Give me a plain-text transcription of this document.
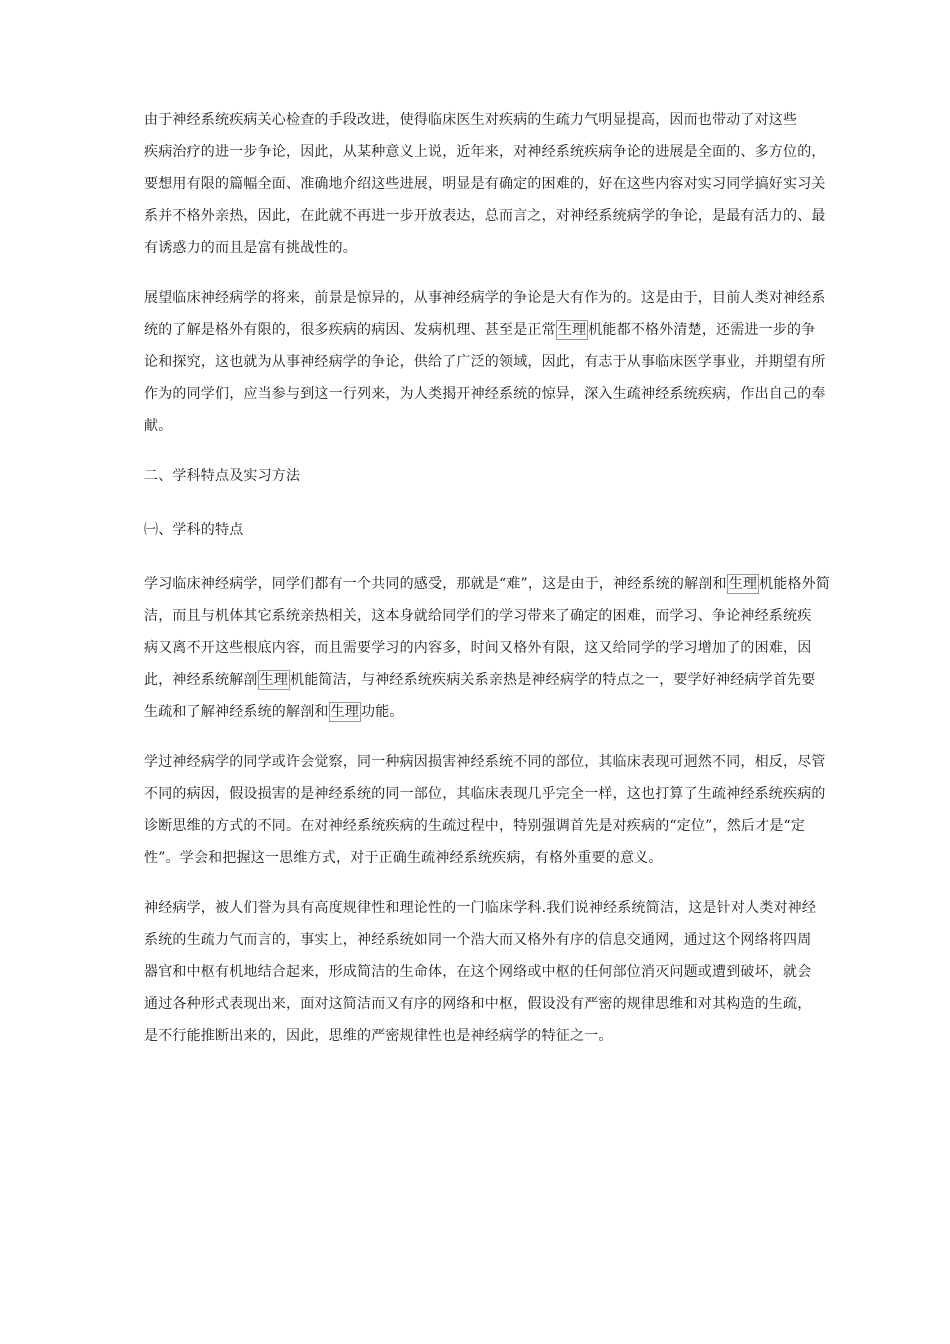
由于神经系统疾病关心检查的手段改进，使得临床医生对疾病的生疏力气明显提高，因而也带动了对这些
疾病治疗的进一步争论，因此，从某种意义上说，近年来，对神经系统疾病争论的进展是全面的、多方位的，
要想用有限的篇幅全面、准确地介绍这些进展，明显是有确定的困难的，好在这些内容对实习同学搞好实习关
系并不格外亲热，因此，在此就不再进一步开放表达，总而言之，对神经系统病学的争论，是最有活力的、最
有诱惑力的而且是富有挑战性的。
展望临床神经病学的将来，前景是惊异的，从事神经病学的争论是大有作为的。这是由于，目前人类对神经系
统的了解是格外有限的，很多疾病的病因、发病机理、甚至是正常 生理 机能都不格外清楚，还需进一步的争
论和探究，这也就为从事神经病学的争论，供给了广泛的领域，因此，有志于从事临床医学事业，并期望有所
作为的同学们，应当参与到这一行列来，为人类揭开神经系统的惊异，深入生疏神经系统疾病，作出自己的奉
献。
二、学科特点及实习方法
㈠、学科的特点
学习临床神经病学，同学们都有一个共同的感受，那就是“难”，这是由于，神经系统的解剖和 生理 机能格外简
洁，而且与机体其它系统亲热相关，这本身就给同学们的学习带来了确定的困难，而学习、争论神经系统疾
病又离不开这些根底内容，而且需要学习的内容多，时间又格外有限，这又给同学的学习增加了的困难，因
此，神经系统解剖 生理 机能简洁，与神经系统疾病关系亲热是神经病学的特点之一，要学好神经病学首先要
生疏和了解神经系统的解剖和 生理 功能。
学过神经病学的同学或许会觉察，同一种病因损害神经系统不同的部位，其临床表现可迥然不同，相反，尽管
不同的病因，假设损害的是神经系统的同一部位，其临床表现几乎完全一样，这也打算了生疏神经系统疾病的
诊断思维的方式的不同。在对神经系统疾病的生疏过程中，特别强调首先是对疾病的“定位”，然后才是“定
性”。学会和把握这一思维方式，对于正确生疏神经系统疾病，有格外重要的意义。
神经病学，被人们誉为具有高度规律性和理论性的一门临床学科.我们说神经系统简洁，这是针对人类对神经
系统的生疏力气而言的，事实上，神经系统如同一个浩大而又格外有序的信息交通网，通过这个网络将四周
器官和中枢有机地结合起来，形成简洁的生命体，在这个网络或中枢的任何部位消灭问题或遭到破坏，就会
通过各种形式表现出来，面对这简洁而又有序的网络和中枢，假设没有严密的规律思维和对其构造的生疏，
是不行能推断出来的，因此，思维的严密规律性也是神经病学的特征之一。
